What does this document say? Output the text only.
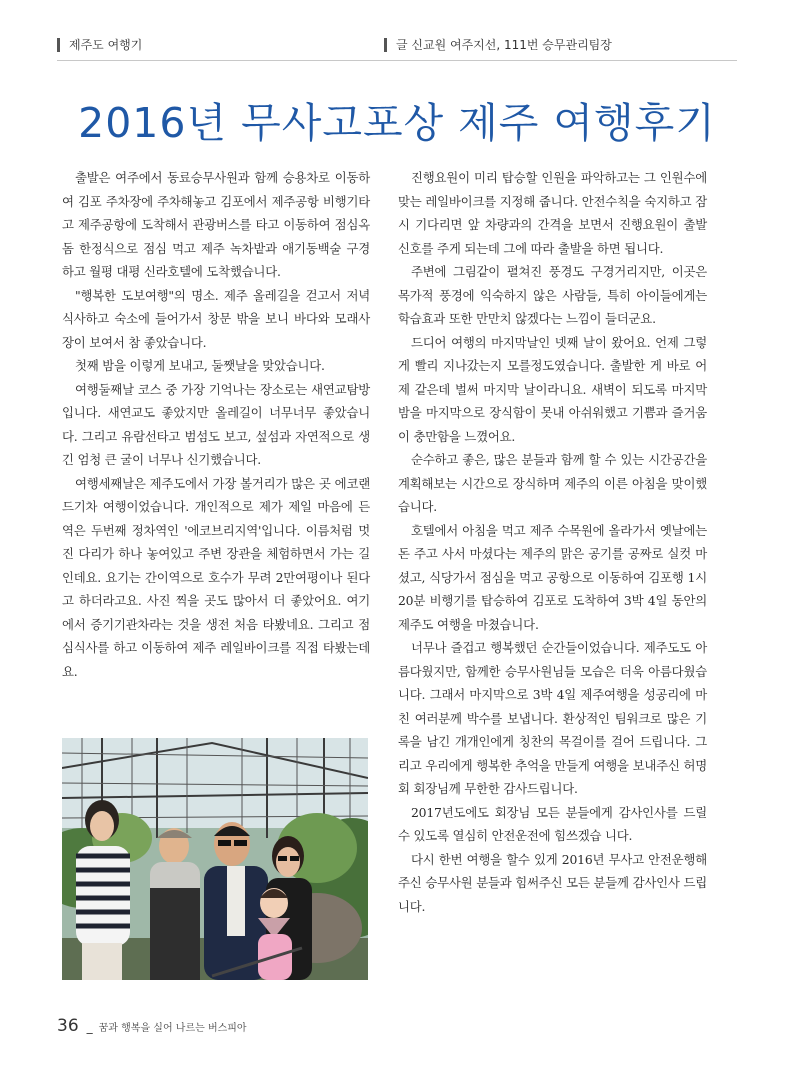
제주도 여행기	글 신교원 여주지선, 111번 승무관리팀장
2016년 무사고포상 제주 여행후기

출발은 여주에서 동료승무사원과 함께 승용차로 이동하여 김포 주차장에 주차해놓고 김포에서 제주공항 비행기타고 제주공항에 도착해서 관광버스를 타고 이동하여 점심옥돔 한정식으로 점심 먹고 제주 녹차밭과 애기동백술 구경하고 월평 대평 신라호텔에 도착했습니다.

"행복한 도보여행"의 명소. 제주 올레길을 걷고서 저녁 식사하고 숙소에 들어가서 창문 밖을 보니 바다와 모래사장이 보여서 참 좋았습니다.

첫째 밤을 이렇게 보내고, 둘쨋날을 맞았습니다.

여행둘째날 코스 중 가장 기억나는 장소로는 새연교탐방입니다. 새연교도 좋았지만 올레길이 너무너무 좋았습니다. 그리고 유람선타고 범섬도 보고, 섶섬과 자연적으로 생긴 엄청 큰 굴이 너무나 신기했습니다.

여행세째날은 제주도에서 가장 볼거리가 많은 곳 에코랜드기차 여행이었습니다. 개인적으로 제가 제일 마음에 든 역은 두번째 정차역인 '에코브리지역'입니다. 이름처럼 멋진 다리가 하나 놓여있고 주변 장관을 체험하면서 가는 길인데요. 요기는 간이역으로 호수가 무려 2만여평이나 된다고 하더라고요. 사진 찍을 곳도 많아서 더 좋았어요. 여기에서 증기기관차라는 것을 생전 처음 타봤네요. 그리고 점심식사를 하고 이동하여 제주 레일바이크를 직접 타봤는데요.

진행요원이 미리 탑승할 인원을 파악하고는 그 인원수에 맞는 레일바이크를 지정해 줍니다. 안전수칙을 숙지하고 잠시 기다리면 앞 차량과의 간격을 보면서 진행요원이 출발 신호를 주게 되는데 그에 따라 출발을 하면 됩니다.

주변에 그림같이 펼쳐진 풍경도 구경거리지만, 이곳은 목가적 풍경에 익숙하지 않은 사람들, 특히 아이들에게는 학습효과 또한 만만치 않겠다는 느낌이 들더군요.

드디어 여행의 마지막날인 넷째 날이 왔어요. 언제 그렇게 빨리 지나갔는지 모를정도였습니다. 출발한 게 바로 어제 같은데 벌써 마지막 날이라니요. 새벽이 되도록 마지막 밤을 마지막으로 장식함이 못내 아쉬워했고 기쁨과 즐거움이 충만함을 느꼈어요.

순수하고 좋은, 많은 분들과 함께 할 수 있는 시간공간을 계획해보는 시간으로 장식하며 제주의 이른 아침을 맞이했습니다.

호텔에서 아침을 먹고 제주 수목원에 올라가서 옛날에는 돈 주고 사서 마셨다는 제주의 맑은 공기를 공짜로 실컷 마셨고, 식당가서 점심을 먹고 공항으로 이동하여 김포행 1시 20분 비행기를 탑승하여 김포로 도착하여 3박 4일 동안의 제주도 여행을 마쳤습니다.

너무나 즐겁고 행복했던 순간들이었습니다. 제주도도 아름다웠지만, 함께한 승무사원님들 모습은 더욱 아름다웠습니다. 그래서 마지막으로 3박 4일 제주여행을 성공리에 마친 여러분께 박수를 보냅니다. 환상적인 팀워크로 많은 기록을 남긴 개개인에게 칭찬의 목걸이를 걸어 드립니다. 그리고 우리에게 행복한 추억을 만들게 여행을 보내주신 허명회 회장님께 무한한 감사드립니다.

2017년도에도 회장님 모든 분들에게 감사인사를 드릴 수 있도록 열심히 안전운전에 힘쓰겠습 니다.

다시 한번 여행을 할수 있게 2016년 무사고 안전운행해 주신 승무사원 분들과 힘써주신 모든 분들께 감사인사 드립니다.

36 _ 꿈과 행복을 실어 나르는 버스피아
